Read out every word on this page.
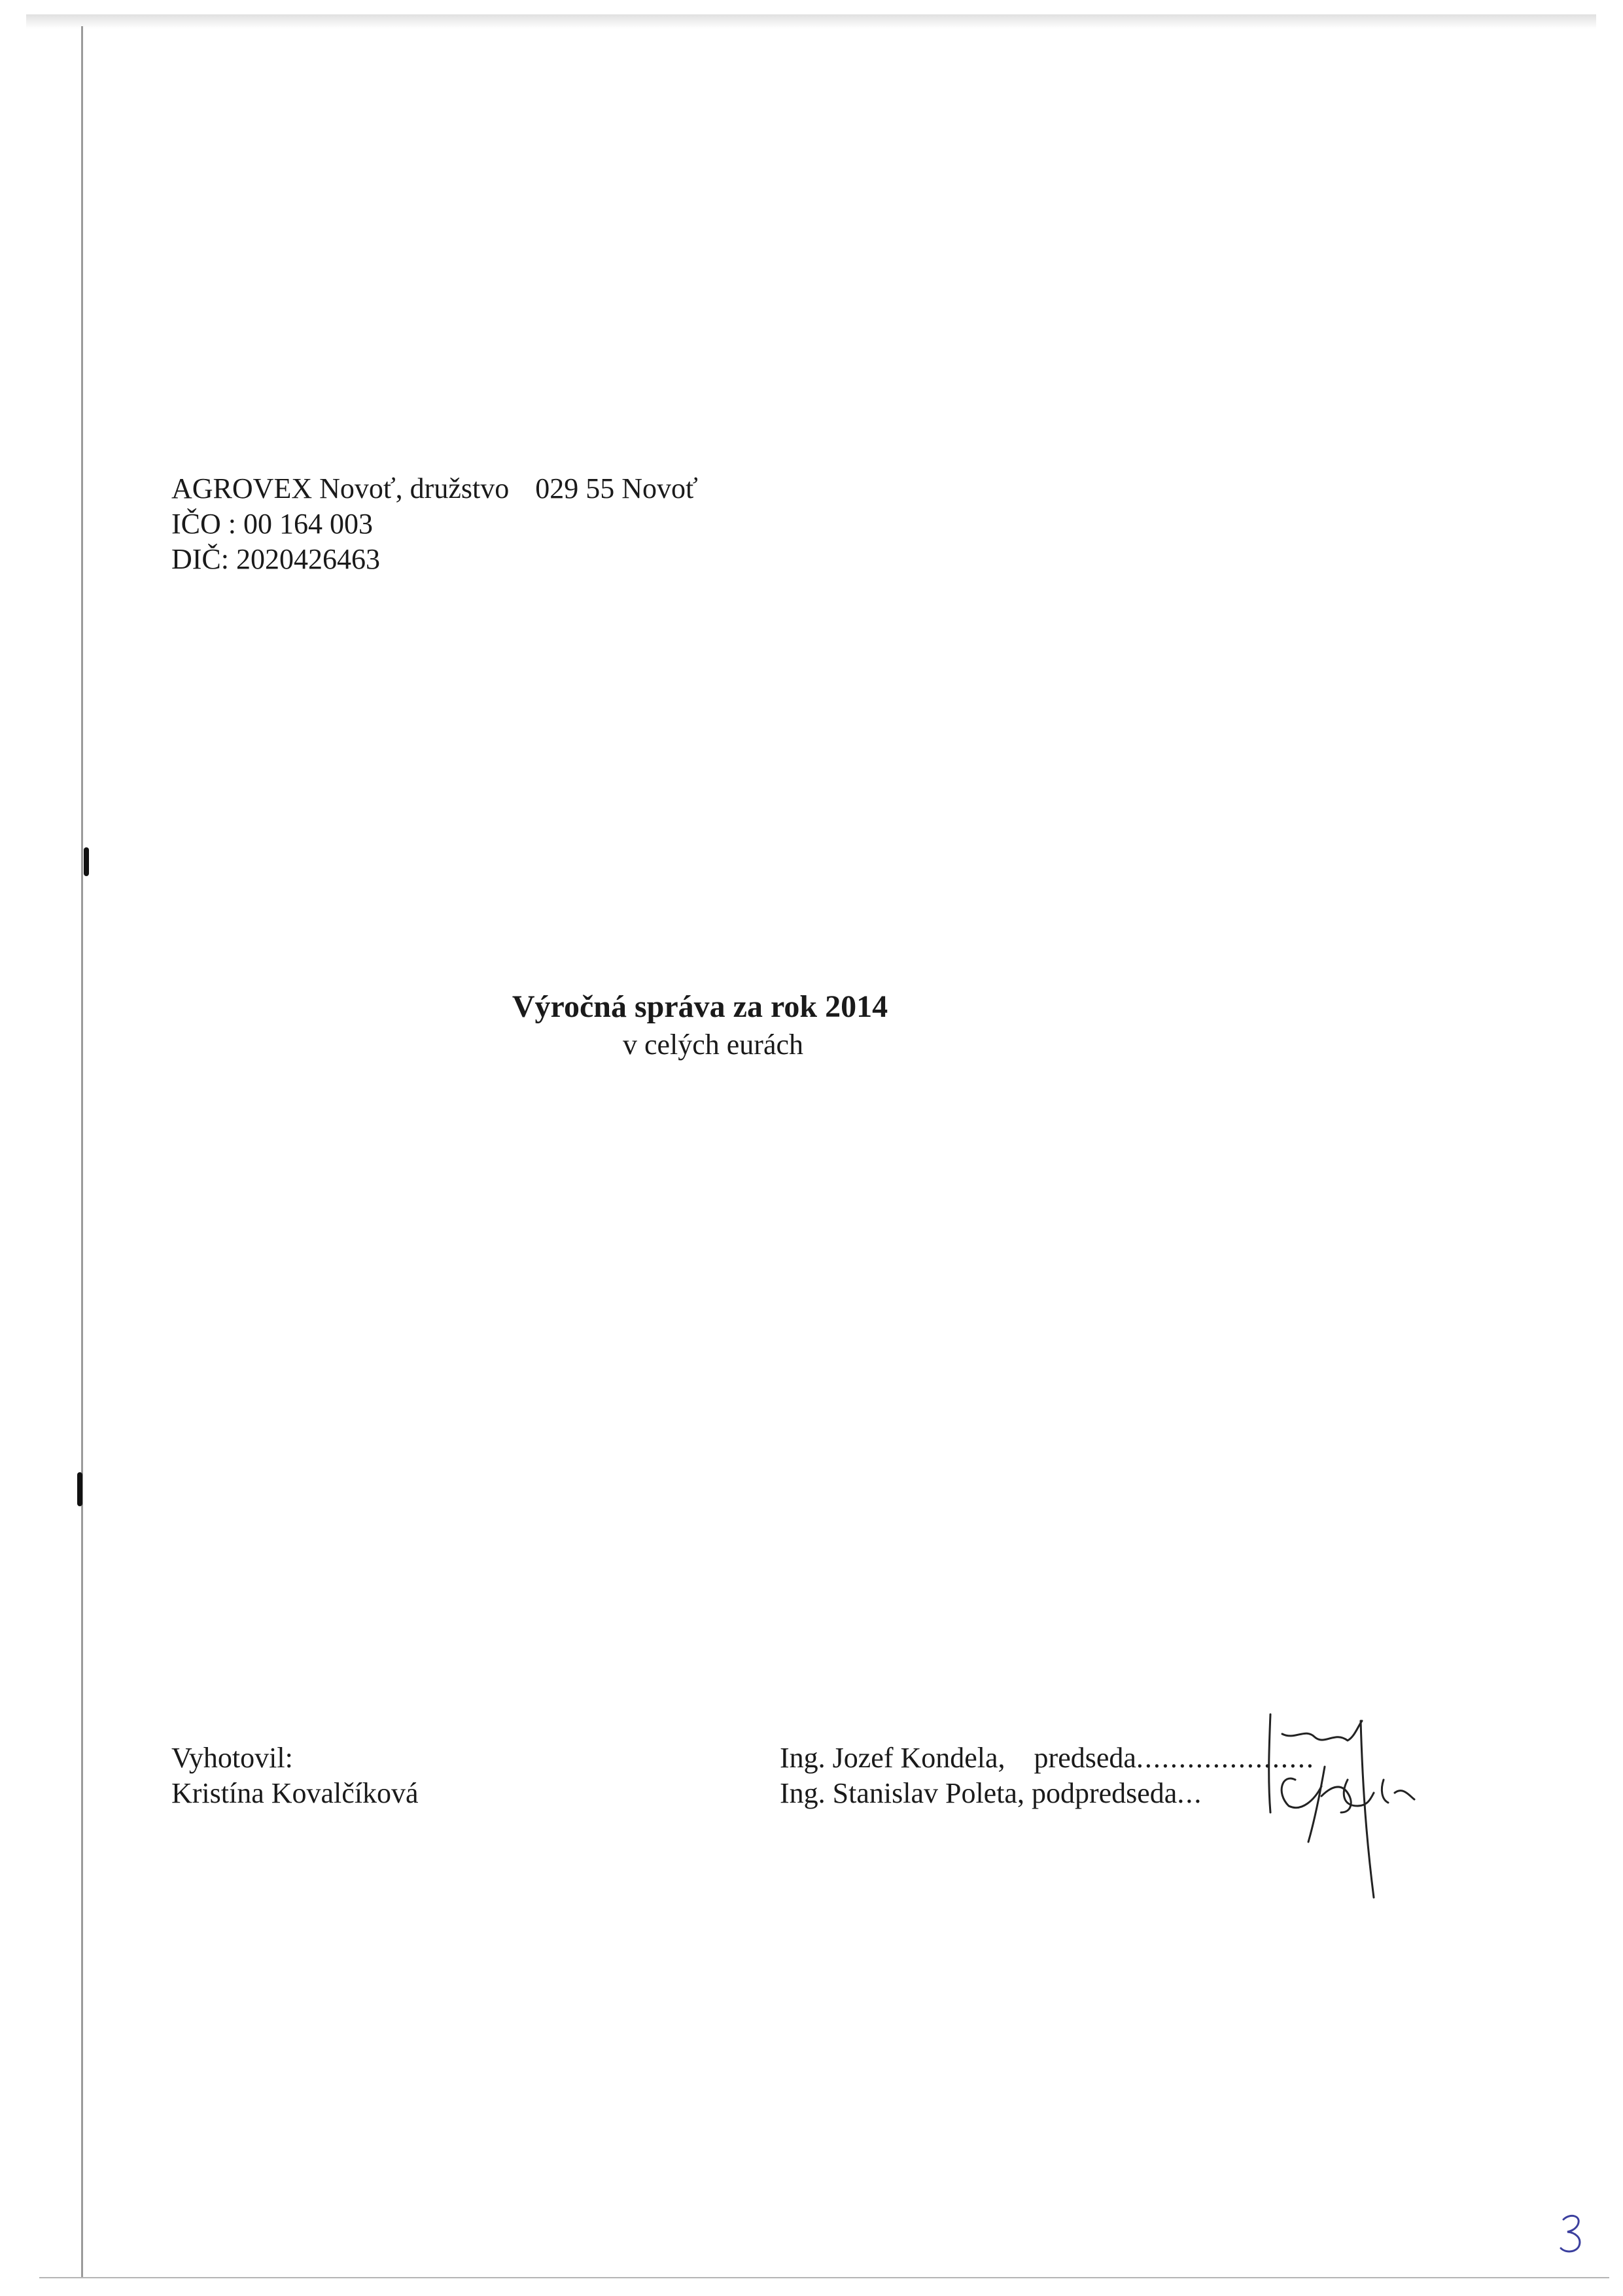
AGROVEX Novoť, družstvo 029 55 Novoť
IČO : 00 164 003
DIČ: 2020426463
Výročná správa za rok 2014
v celých eurách
Vyhotovil:
Kristína Kovalčíková
Ing. Jozef Kondela, predseda.....................
Ing. Stanislav Poleta, podpredseda...
